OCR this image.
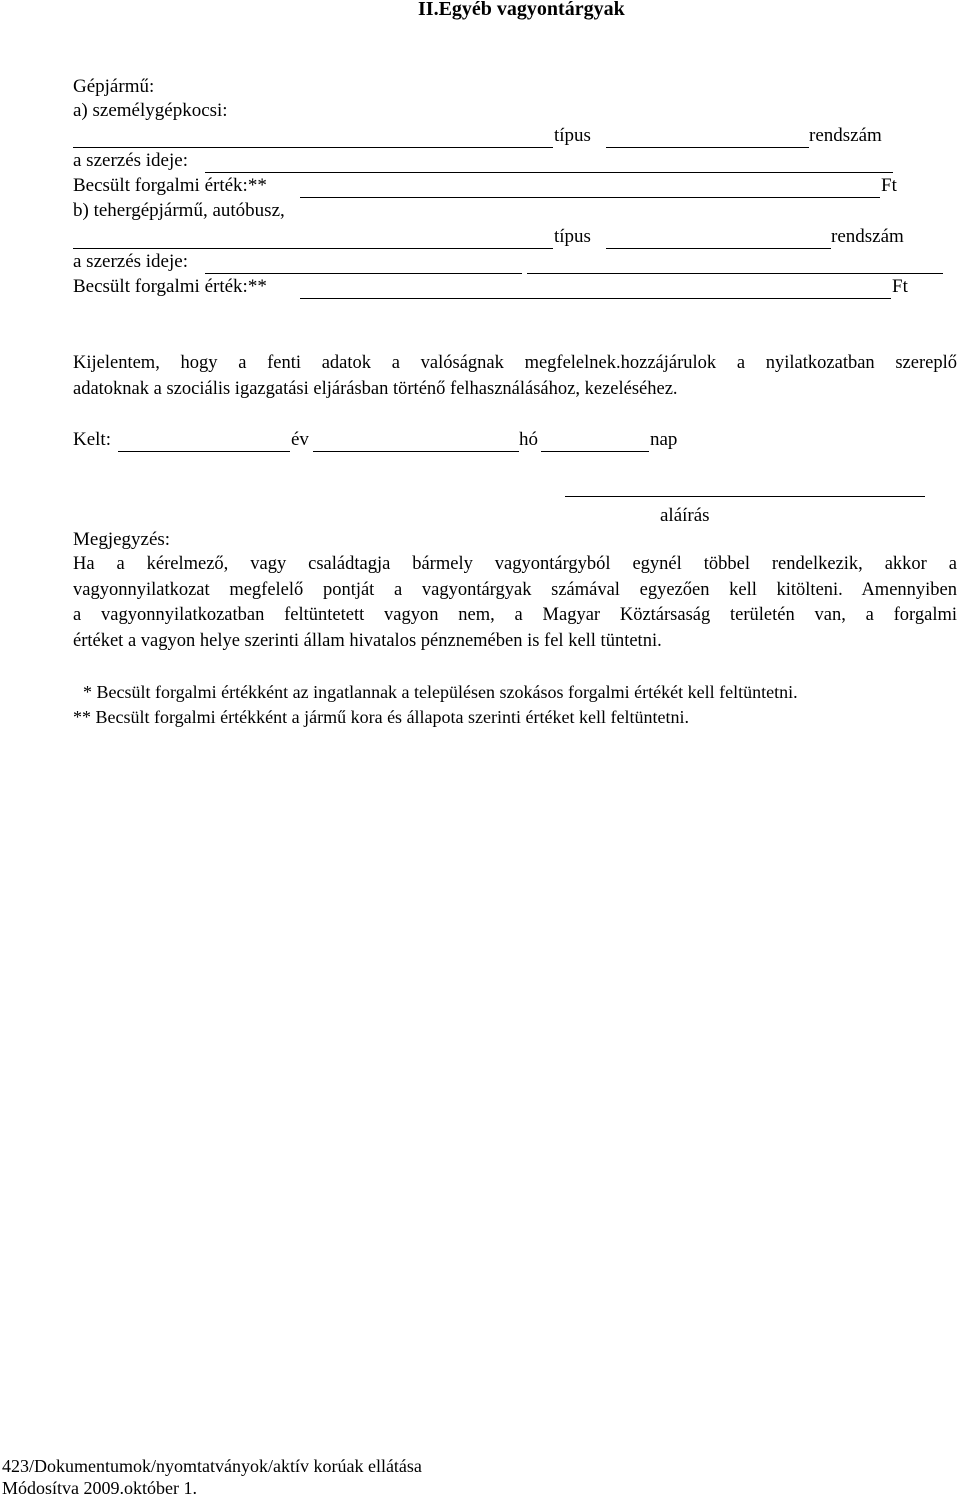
II.Egyéb vagyontárgyak
Gépjármű:
a) személygépkocsi:
típus	rendszám
a szerzés ideje:
Becsült forgalmi érték:**	Ft
b) tehergépjármű, autóbusz,
típus	rendszám
a szerzés ideje:
Becsült forgalmi érték:**	Ft
Kijelentem, hogy a fenti adatok a valóságnak megfelelnek.hozzájárulok a nyilatkozatban szereplő
adatoknak a szociális igazgatási eljárásban történő felhasználásához, kezeléséhez.
Kelt:	év	hó	nap
aláírás
Megjegyzés:
Ha a kérelmező, vagy családtagja bármely vagyontárgyból egynél többel rendelkezik, akkor a
vagyonnyilatkozat megfelelő pontját a vagyontárgyak számával egyezően kell kitölteni. Amennyiben
a vagyonnyilatkozatban feltüntetett vagyon nem, a Magyar Köztársaság területén van, a forgalmi
értéket a vagyon helye szerinti állam hivatalos pénznemében is fel kell tüntetni.
* Becsült forgalmi értékként az ingatlannak a településen szokásos forgalmi értékét kell feltüntetni.
** Becsült forgalmi értékként a jármű kora és állapota szerinti értéket kell feltüntetni.
423/Dokumentumok/nyomtatványok/aktív korúak ellátása
Módosítva 2009.október 1.
